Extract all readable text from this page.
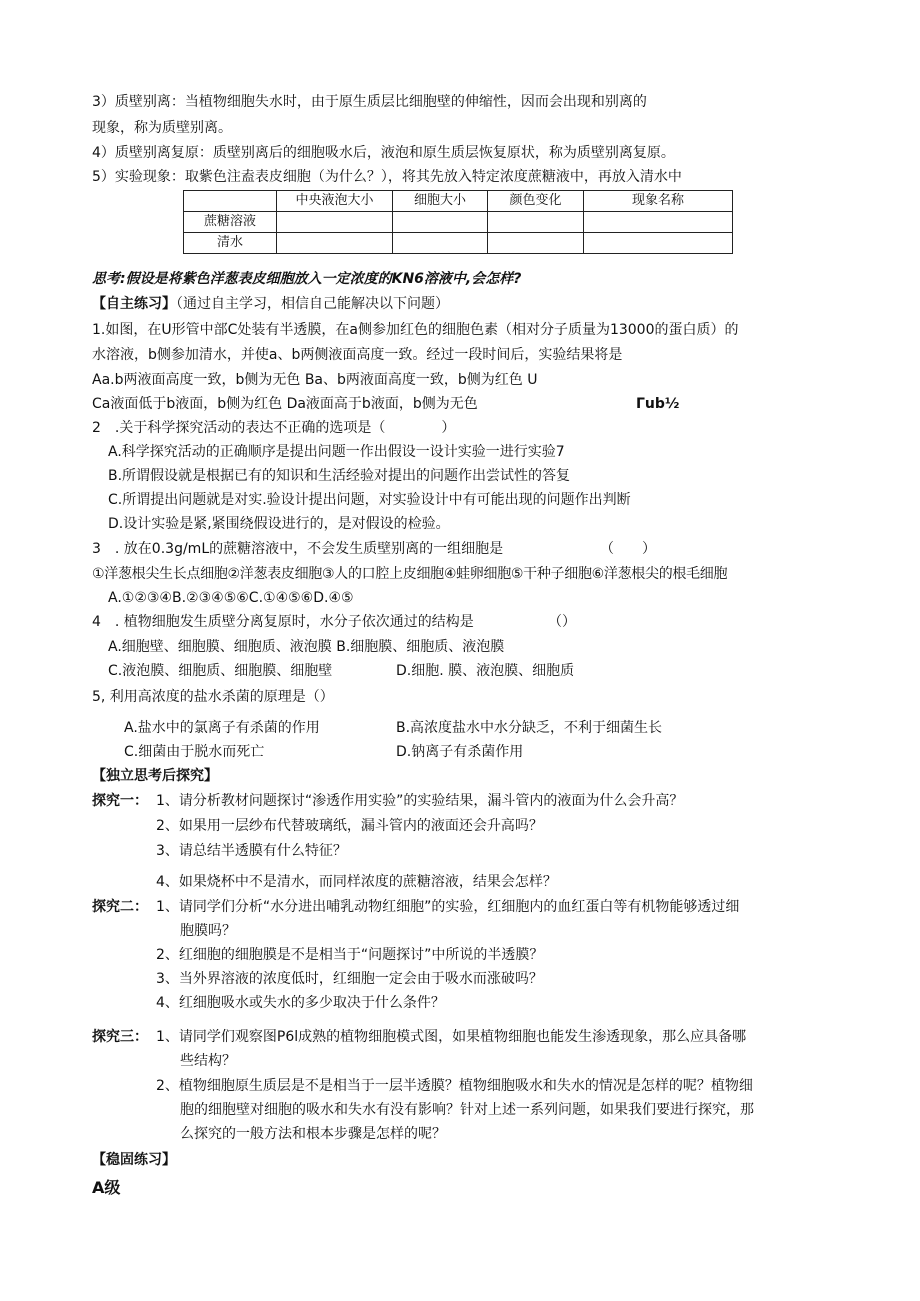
3）质壁别离：当植物细胞失水时，由于原生质层比细胞壁的伸缩性，因而会出现和别离的
现象，称为质壁别离。
4）质壁别离复原：质壁别离后的细胞吸水后，液泡和原生质层恢复原状，称为质壁别离复原。
5）实验现象：取紫色注盍表皮细胞（为什么？），将其先放入特定浓度蔗糖液中，再放入清水中
	中央液泡大小	细胞大小	颜色变化	现象名称
蔗糖溶液				
清水				
思考:假设是将紫色洋葱表皮细胞放入一定浓度的KN6溶液中,会怎样?
【自主练习】（通过自主学习，相信自己能解决以下问题）
1.如图，在U形管中部C处装有半透膜，在a侧参加红色的细胞色素（相对分子质量为13000的蛋白质）的
水溶液，b侧参加清水，并使a、b两侧液面高度一致。经过一段时间后，实验结果将是
Aa.b两液面高度一致，b侧为无色 Ba、b两液面高度一致，b侧为红色 U
Ca液面低于b液面，b侧为红色 Da液面高于b液面，b侧为无色	Γub½
2　.关于科学探究活动的表达不正确的选项是（　　　　）
A.科学探究活动的正确顺序是提出问题一作出假设一设计实验一进行实验7
B.所谓假设就是根据已有的知识和生活经验对提出的问题作出尝试性的答复
C.所谓提出问题就是对实.验设计提出问题，对实验设计中有可能出现的问题作出判断
D.设计实验是紧,紧围绕假设进行的，是对假设的检验。
3　. 放在0.3g/mL的蔗糖溶液中，不会发生质壁别离的一组细胞是	（　　）
①洋葱根尖生长点细胞②洋葱表皮细胞③人的口腔上皮细胞④蛙卵细胞⑤干种子细胞⑥洋葱根尖的根毛细胞
A.①②③④B.②③④⑤⑥C.①④⑤⑥D.④⑤
4　. 植物细胞发生质壁分离复原时，水分子依次通过的结构是	（）
A.细胞壁、细胞膜、细胞质、液泡膜 B.细胞膜、细胞质、液泡膜
C.液泡膜、细胞质、细胞膜、细胞壁	D.细胞. 膜、液泡膜、细胞质
5, 利用高浓度的盐水杀菌的原理是（）
A.盐水中的氯离子有杀菌的作用	B.高浓度盐水中水分缺乏，不利于细菌生长
C.细菌由于脱水而死亡	D.钠离子有杀菌作用
【独立思考后探究】
探究一： 1、请分析教材问题探讨“渗透作用实验”的实验结果，漏斗管内的液面为什么会升高？
2、如果用一层纱布代替玻璃纸，漏斗管内的液面还会升高吗？
3、请总结半透膜有什么特征？
4、如果烧杯中不是清水，而同样浓度的蔗糖溶液，结果会怎样？
探究二： 1、请同学们分析“水分进出哺乳动物红细胞”的实验，红细胞内的血红蛋白等有机物能够透过细
胞膜吗？
2、红细胞的细胞膜是不是相当于“问题探讨”中所说的半透膜？
3、当外界溶液的浓度低时，红细胞一定会由于吸水而涨破吗？
4、红细胞吸水或失水的多少取决于什么条件？
探究三： 1、请同学们观察图P6l成熟的植物细胞模式图，如果植物细胞也能发生渗透现象，那么应具备哪
些结构？
2、植物细胞原生质层是不是相当于一层半透膜？植物细胞吸水和失水的情况是怎样的呢？植物细
胞的细胞壁对细胞的吸水和失水有没有影响？针对上述一系列问题，如果我们要进行探究，那
么探究的一般方法和根本步骤是怎样的呢？
【稳固练习】
A级
